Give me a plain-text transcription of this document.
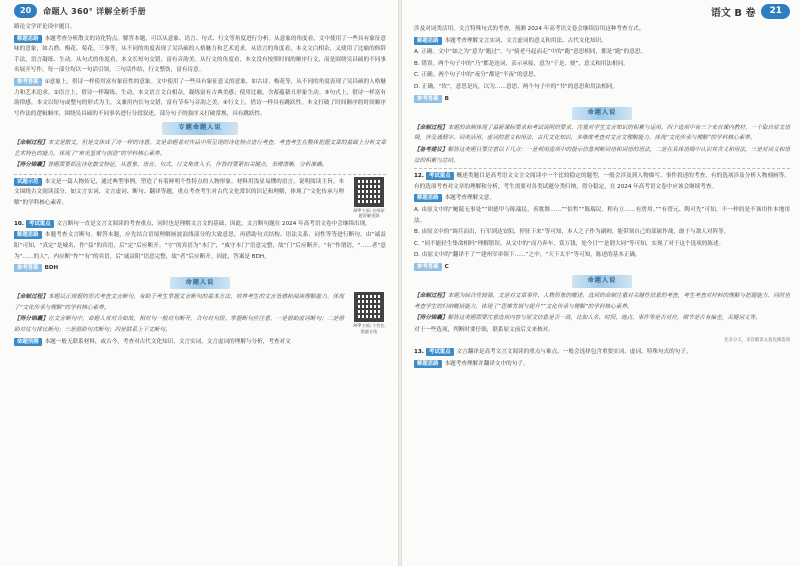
20	命题人 360° 详解全析手册

路论文学评论设中题目。

解题思路 本题考查分析散文的诗化特点。解答本题，可以从意象、语言、句式、行文等角度进行分析。从意象的角度看，文中使用了一些具有象征意味的意象，如古渔、梅花、菊花、三事等，从不同的角度表现了吴昌硕的人格魅力和艺术追求。从语言的角度看，本文文白相杂，又使用了比喻的修辞手法，语言凝练、生动。从句式的角度看，本文长短句交错，富有音韵美。从行文的角度看，本文没有按照时间的顺序行文，而是围绕吴昌硕的不同事名展开写作，每一部分均以一句话引领，三句话作结，行文整饬，富有诗意。

参考答案 ①意象上，借诗一样使用富有象征性的意象。文中使用了一些具有象征意义的意象，如古诗、梅花等，从不同的角度表现了吴昌硕的人格魅力和艺术追求。②语言上，借诗一样凝练、生动。本文语言文白相杂，凝练富有古典美感；使用比喻，含蓄蕴藉且形象生动。③句式上，借诗一样富有韵律感。本文以短句或整句的形式为主，又兼用内长句交错，富有节奏与音韵之美。④行文上，借诗一样具有跳跃性。本文打破了时间顺序的时间顺序写作法的逻辑顺序，围绕吴昌硕的不同事名进行分段叙述，部分句子的强序又打破常规，具有跳跃性。

专题命题人说

【命制过程】本文是散文，但是文体成了诗一样的诗意。文是命题者对作品中所呈现的诗化特点进行考查，考查考生在整体把握文章的基础上分析文章艺术特色的能力，体现了“审美鉴赏与创造”的学科核心素养。

【得分锦囊】答题需要抓住诗化散文特征，从意象、语言、句式、行文角度入手，作答时要紧扣关键点，条理清晰，分析准确。

试题示范 本文是一篇人物传记，通过典型事例，塑造了有着鲜明个性特点的人物形象。材料用浅显易懂的语言，说明阅读主旨。本文围绕古文阅读部分，如文言实词、文言虚词、断句、翻译等题，重点考查考生对古代文化常识的识记和理解，体现了“文化传承与理解”的学科核心素养。

APP 扫码 名师原题讲解视频

10. 考试重点 文言断句一直是文言文阅读的考查重点，同时也是理解文言文的基础，因此，文言断句题在 2024 年高考语文卷中会继续出现。

解题思路 本题考查文言断句。解答本题，应先结合语境理解画波浪线部分的大致意思，再借助句式结构、语法关系、词性等等进行断句。由“诚益阳”可知，“真定”是城名，作“益”的宾语，后“定”后应断开。“守”的宾语为“本门”，“威守本门”语意完整，故“门”后应断开。“有”作谓语，“……者”意为“……的人”，内应断“作”“有”的宾语，后“诚益阳”语意完整，故“者”后应断开。因此，答案是 BDH。

参考答案 BDH

命题人说

【命制过程】本题以正规题的形式考查文言断句，有助于考生掌握文言断句的基本方法，培养考生的文言语感和阅读理解能力，体现了“文化传承与理解”的学科核心素养。

【得分锦囊】在文言断句中，命题人常对合如故，相对句一般对句断开，合句对句段。掌握断句应注意，一是借助虚词断句；二是借助对仗与排比断句；三是借助句式断句；四是联系上下文断句。

APP 扫码 个性化错题专练

命题预测 本题一般无联系材料，或古今，考查对古代文化知识、文言实词、文言虚词的理解与分析，考查对文

语文 B 卷	21

涉及对词类活用、文言特殊句式的考查，预测 2024 年高考语文卷会继续沿用这种考查方式。

解题思路 本题考查理解文言实词、文言虚词的意义和用法、古代文化知识。

A. 正确。文中“如之为”意为“跑过”，与“骑老马起而走”中的“跑”意思相同，都是“跑”的意思。

B. 错误。两个句子中的“乃”都是连词，表示承接，意为“于是、便”，意义和用法相同。

C. 正确。两个句子中的“夜分”都是“半夜”的意思。

D. 正确。“坎”，意思是坑，以为……意思。两个句子中的“书”的意思和用法相同。

参考答案 B

命题人说

【命制过程】本题的命制体现了最新课标要求和考试说明的要求，注重对学生文言知识的积累与运用。四个选项中有三个来自课内教材，一个取自原文语境，涉及通假字、词类活用、虚词的意义和用法、古代文化知识，多维度考查对文言文理解能力，体现“文化传承与理解”的学科核心素养。

【备考建议】解答这类题目要注意以下几点：一是利用选项中的提示信息判断词语和词语的语法，二是在具体语境中认识其含义和用法，三是对词义和语法的积累与总结。

12. 考试重点 概述类题目是高考语文文言文阅读中一个比较稳定的题型，一般会涉及到人物描写、事件叙述的考查，有的选项涉及分析人物刻画等。有的选项考查对文章的理解和分析，考生需要对各类试题分类归纳，得分稳定，在 2024 年高考语文卷中应该会继续考查。

解题思路 本题考查理解文意。

A. 由原文中的“鲍陵无事处”“胡德甲与陈瑞民、善歌舞……”“伯哲”“陈瑞民、程有立……有曾用、”“有曾元、陶可先”可知，不一样的是不该用作本地用法。

B. 由原文中的“调兵而出，行军到达安阳，停驻下来”等可知，本人之子作为副帅，能带领自己的部属作战，敢于与敌人对阵等。

C. “同不能轻生集命相吗”理解错误。从文中的“而乃奔车，赏万钱，处今日”“是谓大同”等可知，实现了对于这个选项的陈述。

D. 由原文中的“翻译不了”“建州军率领下……”之中，“天下太平”等可知，陈述的基本正确。

参考答案 C

命题人说

【命制过程】本题为综合性较强、文是对文章事件、人物形象的概述，选项的命制注重对关键性信息的考查，考生考查对材料的理解与把握能力，同时也考查学生的归纳概括能力，体现了“思维发展与提升”“文化传承与理解”的学科核心素养。

【得分锦囊】解答这类题需要注意选项内容与原文信息是否一致，比如人名、时间、地点、事件等是否对应，细节是否有偏差，关键词义等。

对于一些选项，判断时要仔细，联系原文前后文来核对。

先多分义，多次解读文意先修选项

13. 考试重点 文言翻译是高考文言文阅读的重点与难点，一般会选择包含重要实词、虚词、特殊句式的句子。

解题思路 本题考查理解并翻译文中的句子。
